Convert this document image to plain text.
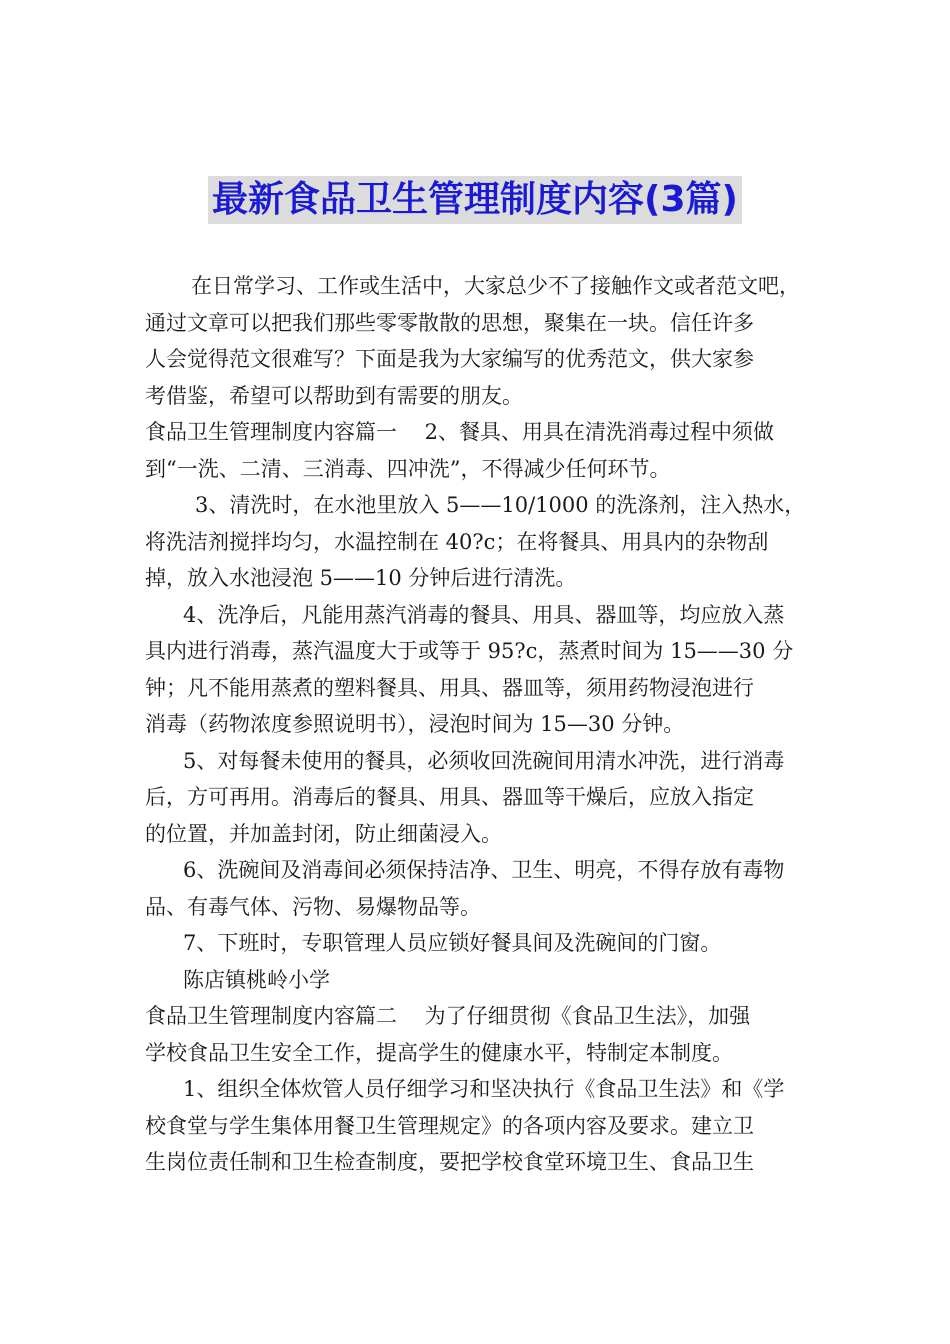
最新食品卫生管理制度内容(3篇)

在日常学习、工作或生活中，大家总少不了接触作文或者范文吧，
通过文章可以把我们那些零零散散的思想，聚集在一块。信任许多
人会觉得范文很难写？下面是我为大家编写的优秀范文，供大家参
考借鉴，希望可以帮助到有需要的朋友。

食品卫生管理制度内容篇一　 2、餐具、用具在清洗消毒过程中须做
到“一洗、二清、三消毒、四冲洗”，不得减少任何环节。

3、清洗时，在水池里放入 5——10/1000 的洗涤剂，注入热水，
将洗洁剂搅拌均匀，水温控制在 40?c；在将餐具、用具内的杂物刮
掉，放入水池浸泡 5——10 分钟后进行清洗。

4、洗净后，凡能用蒸汽消毒的餐具、用具、器皿等，均应放入蒸
具内进行消毒，蒸汽温度大于或等于 95?c，蒸煮时间为 15——30 分
钟；凡不能用蒸煮的塑料餐具、用具、器皿等，须用药物浸泡进行
消毒（药物浓度参照说明书），浸泡时间为 15—30 分钟。

5、对每餐未使用的餐具，必须收回洗碗间用清水冲洗，进行消毒
后，方可再用。消毒后的餐具、用具、器皿等干燥后，应放入指定
的位置，并加盖封闭，防止细菌浸入。

6、洗碗间及消毒间必须保持洁净、卫生、明亮，不得存放有毒物
品、有毒气体、污物、易爆物品等。

7、下班时，专职管理人员应锁好餐具间及洗碗间的门窗。

陈店镇桃岭小学

食品卫生管理制度内容篇二　 为了仔细贯彻《食品卫生法》，加强
学校食品卫生安全工作，提高学生的健康水平，特制定本制度。

1、组织全体炊管人员仔细学习和坚决执行《食品卫生法》和《学
校食堂与学生集体用餐卫生管理规定》的各项内容及要求。建立卫
生岗位责任制和卫生检查制度，要把学校食堂环境卫生、食品卫生
